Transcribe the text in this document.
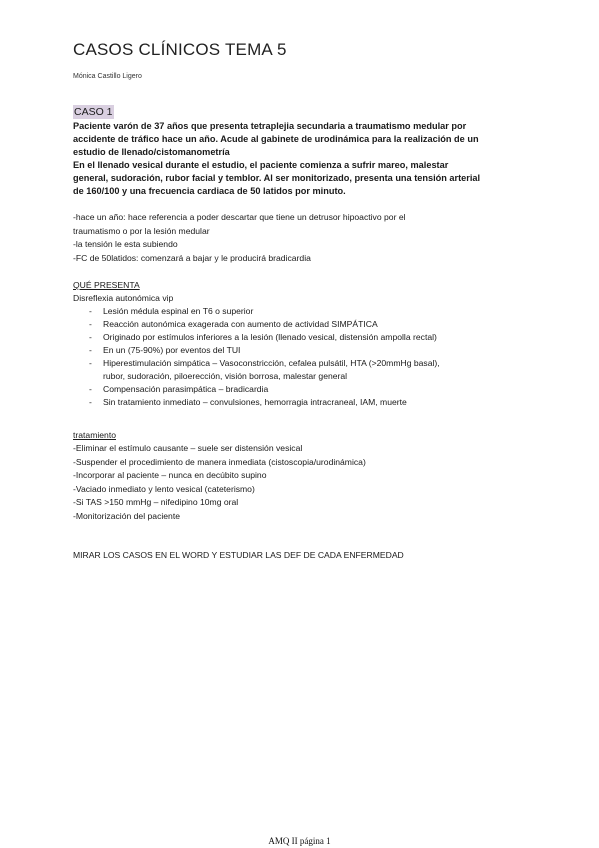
CASOS CLÍNICOS TEMA 5
Mónica Castillo Ligero
CASO 1

Paciente varón de 37 años que presenta tetraplejia secundaria a traumatismo medular por

accidente de tráfico hace un año. Acude al gabinete de urodinámica para la realización de un

estudio de llenado/cistomanometría

En el llenado vesical durante el estudio, el paciente comienza a sufrir mareo, malestar

general, sudoración, rubor facial y temblor. Al ser monitorizado, presenta una tensión arterial

de 160/100 y una frecuencia cardiaca de 50 latidos por minuto.

-hace un año: hace referencia a poder descartar que tiene un detrusor hipoactivo por el

traumatismo o por la lesión medular

-la tensión le esta subiendo

-FC de 50latidos: comenzará a bajar y le producirá bradicardia

QUÉ PRESENTA

Disreflexia autonómica vip

- Lesión médula espinal en T6 o superior
- Reacción autonómica exagerada con aumento de actividad SIMPÁTICA
- Originado por estímulos inferiores a la lesión (llenado vesical, distensión ampolla rectal)
- En un (75-90%) por eventos del TUI
- Hiperestimulación simpática – Vasoconstricción, cefalea pulsátil, HTA (>20mmHg basal),
rubor, sudoración, piloerección, visión borrosa, malestar general
- Compensación parasimpática – bradicardia
- Sin tratamiento inmediato – convulsiones, hemorragia intracraneal, IAM, muerte

tratamiento

-Eliminar el estímulo causante – suele ser distensión vesical

-Suspender el procedimiento de manera inmediata (cistoscopia/urodinámica)

-Incorporar al paciente – nunca en decúbito supino

-Vaciado inmediato y lento vesical (cateterismo)

-Si TAS >150 mmHg – nifedipino 10mg oral

-Monitorización del paciente

MIRAR LOS CASOS EN EL WORD Y ESTUDIAR LAS DEF DE CADA ENFERMEDAD

AMQ II página 1
